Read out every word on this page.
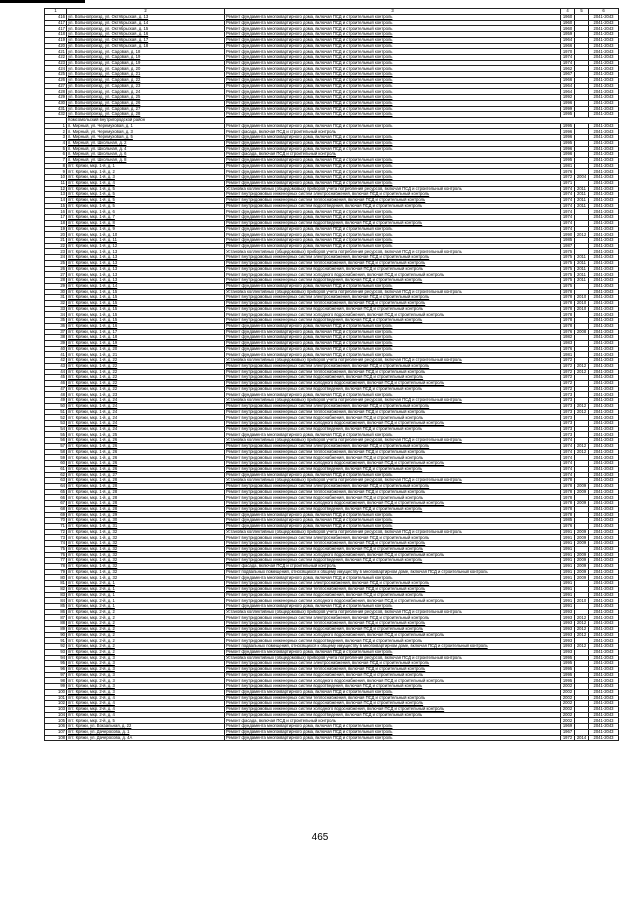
1	2	3	4	5	6
416	ул. Вольнопроезд, ул. Октябрьская, д. 13	Ремонт фундамента многоквартирного дома, включая ПСД и строительный контроль	1960		2041-2043
417	ул. Вольнопроезд, ул. Октябрьская, д. 14	Ремонт фундамента многоквартирного дома, включая ПСД и строительный контроль	1960		2041-2043
417	ул. Вольнопроезд, ул. Октябрьская, д. 15	Ремонт фундамента многоквартирного дома, включая ПСД и строительный контроль	1960		2041-2043
418	ул. Вольнопроезд, ул. Октябрьская, д. 16	Ремонт фундамента многоквартирного дома, включая ПСД и строительный контроль	1959		2041-2043
419	ул. Вольнопроезд, ул. Октябрьская, д. 17	Ремонт фундамента многоквартирного дома, включая ПСД и строительный контроль	1964		2041-2043
420	ул. Вольнопроезд, ул. Октябрьская, д. 18	Ремонт фундамента многоквартирного дома, включая ПСД и строительный контроль	1966		2041-2043
421	ул. Вольнопроезд, ул. Садовая, д. 18	Ремонт фундамента многоквартирного дома, включая ПСД и строительный контроль	1970		2041-2043
422	ул. Вольнопроезд, ул. Садовая, д. 19	Ремонт фундамента многоквартирного дома, включая ПСД и строительный контроль	1974		2041-2043
423	ул. Вольнопроезд, ул. Садовая, д. 19	Ремонт фундамента многоквартирного дома, включая ПСД и строительный контроль	1974		2041-2043
424	ул. Вольнопроезд, ул. Садовая, д. 20	Ремонт фундамента многоквартирного дома, включая ПСД и строительный контроль	1962		2041-2043
425	ул. Вольнопроезд, ул. Садовая, д. 21	Ремонт фундамента многоквартирного дома, включая ПСД и строительный контроль	1967		2041-2043
426	ул. Вольнопроезд, ул. Садовая, д. 22	Ремонт фундамента многоквартирного дома, включая ПСД и строительный контроль	1966		2041-2043
427	ул. Вольнопроезд, ул. Садовая, д. 23	Ремонт фундамента многоквартирного дома, включая ПСД и строительный контроль	1964		2041-2043
428	ул. Вольнопроезд, ул. Садовая, д. 24	Ремонт фундамента многоквартирного дома, включая ПСД и строительный контроль	1964		2041-2043
429	ул. Вольнопроезд, ул. Садовая, д. 25	Ремонт фундамента многоквартирного дома, включая ПСД и строительный контроль	1992		2041-2043
430	ул. Вольнопроезд, ул. Садовая, д. 26	Ремонт фундамента многоквартирного дома, включая ПСД и строительный контроль	1996		2041-2043
431	ул. Вольнопроезд, ул. Садовая, д. 27	Ремонт фундамента многоквартирного дома, включая ПСД и строительный контроль	1999		2041-2043
432	ул. Вольнопроезд, ул. Садовая, д. 28	Ремонт фундамента многоквартирного дома, включая ПСД и строительный контроль	1995		2041-2043
	Комсомольский внутригородской район				
1	п. Мирный, ул. Черемуховая, д. 1	Ремонт фундамента многоквартирного дома, включая ПСД и строительный контроль	1995		2041-2043
2	п. Мирный, ул. Черемуховая, д. 3	Ремонт фасада, включая ПСД и строительный контроль	1996		2041-2043
3	п. Мирный, ул. Черемуховая, д. 5	Ремонт фундамента многоквартирного дома, включая ПСД и строительный контроль	1996		2041-2043
4	п. Мирный, ул. Школьная, д. 2	Ремонт фундамента многоквартирного дома, включая ПСД и строительный контроль	1995		2041-2043
5	п. Мирный, ул. Школьная, д. 4	Ремонт фундамента многоквартирного дома, включая ПСД и строительный контроль	1996		2041-2043
6	п. Мирный, ул. Школьная, д. 6	Ремонт фасада, включая ПСД и строительный контроль	1996		2041-2043
7	п. Мирный, ул. Школьная, д. 8	Ремонт фундамента многоквартирного дома, включая ПСД и строительный контроль	1995		2041-2043
8	пгт. Кряжи, мкр. 1-й, д. 1	Ремонт фундамента многоквартирного дома, включая ПСД и строительный контроль	1981		2041-2043
9	пгт. Кряжи, мкр. 1-й, д. 2	Ремонт фундамента многоквартирного дома, включая ПСД и строительный контроль	1976		2041-2043
10	пгт. Кряжи, мкр. 1-й, д. 3	Ремонт фундамента многоквартирного дома, включая ПСД и строительный контроль	1972	2004	2041-2043
11	пгт. Кряжи, мкр. 1-й, д. 4	Ремонт фундамента многоквартирного дома, включая ПСД и строительный контроль	1971		2041-2043
12	пгт. Кряжи, мкр. 1-й, д. 5	Установка коллективных (общедомовых) приборов учета потребления ресурсов, включая ПСД и строительный контроль	1974	2011	2041-2043
13	пгт. Кряжи, мкр. 1-й, д. 5	Ремонт внутридомовых инженерных систем электроснабжения, включая ПСД и строительный контроль	1974	2011	2041-2043
14	пгт. Кряжи, мкр. 1-й, д. 5	Ремонт внутридомовых инженерных систем теплоснабжения, включая ПСД и строительный контроль	1974	2011	2041-2043
15	пгт. Кряжи, мкр. 1-й, д. 5	Ремонт внутридомовых инженерных систем водоотведения, включая ПСД и строительный контроль	1974	2011	2041-2043
16	пгт. Кряжи, мкр. 1-й, д. 6	Ремонт фундамента многоквартирного дома, включая ПСД и строительный контроль	1974		2041-2043
17	пгт. Кряжи, мкр. 1-й, д. 7	Ремонт фундамента многоквартирного дома, включая ПСД и строительный контроль	1974		2041-2043
18	пгт. Кряжи, мкр. 1-й, д. 8	Ремонт внутридомовых инженерных систем водоотведения, включая ПСД и строительный контроль	1974		2041-2043
19	пгт. Кряжи, мкр. 1-й, д. 9	Ремонт фундамента многоквартирного дома, включая ПСД и строительный контроль	1974		2041-2043
20	пгт. Кряжи, мкр. 1-й, д. 10	Ремонт фундамента многоквартирного дома, включая ПСД и строительный контроль	1990	2012	2041-2043
21	пгт. Кряжи, мкр. 1-й, д. 11	Ремонт фундамента многоквартирного дома, включая ПСД и строительный контроль	1985		2041-2043
22	пгт. Кряжи, мкр. 1-й, д. 12	Ремонт фундамента многоквартирного дома, включая ПСД и строительный контроль	1987		2041-2043
23	пгт. Кряжи, мкр. 1-й, д. 13	Установка коллективных (общедомовых) приборов учета потребления ресурсов, включая ПСД и строительный контроль	1975		2041-2043
24	пгт. Кряжи, мкр. 1-й, д. 13	Ремонт внутридомовых инженерных систем электроснабжения, включая ПСД и строительный контроль	1975	2011	2041-2043
25	пгт. Кряжи, мкр. 1-й, д. 13	Ремонт внутридомовых инженерных систем теплоснабжения, включая ПСД и строительный контроль	1975	2011	2041-2043
26	пгт. Кряжи, мкр. 1-й, д. 13	Ремонт внутридомовых инженерных систем водоснабжения, включая ПСД и строительный контроль	1975	2011	2041-2043
27	пгт. Кряжи, мкр. 1-й, д. 13	Ремонт внутридомовых инженерных систем холодного водоснабжения, включая ПСД и строительный контроль	1975	2011	2041-2043
28	пгт. Кряжи, мкр. 1-й, д. 13	Ремонт внутридомовых инженерных систем водоотведения, включая ПСД и строительный контроль	1975	2011	2041-2043
29	пгт. Кряжи, мкр. 1-й, д. 14	Ремонт фундамента многоквартирного дома, включая ПСД и строительный контроль	1975		2041-2043
30	пгт. Кряжи, мкр. 1-й, д. 15	Установка коллективных (общедомовых) приборов учета потребления ресурсов, включая ПСД и строительный контроль	1978		2041-2043
31	пгт. Кряжи, мкр. 1-й, д. 15	Ремонт внутридомовых инженерных систем электроснабжения, включая ПСД и строительный контроль	1978	2010	2041-2043
32	пгт. Кряжи, мкр. 1-й, д. 15	Ремонт внутридомовых инженерных систем теплоснабжения, включая ПСД и строительный контроль	1978	2010	2041-2043
33	пгт. Кряжи, мкр. 1-й, д. 15	Ремонт внутридомовых инженерных систем водоснабжения, включая ПСД и строительный контроль	1978	2010	2041-2043
34	пгт. Кряжи, мкр. 1-й, д. 15	Ремонт внутридомовых инженерных систем холодного водоснабжения, включая ПСД и строительный контроль	1978		2041-2043
35	пгт. Кряжи, мкр. 1-й, д. 15	Ремонт внутридомовых инженерных систем водоотведения, включая ПСД и строительный контроль	1978		2041-2043
36	пгт. Кряжи, мкр. 1-й, д. 16	Ремонт фундамента многоквартирного дома, включая ПСД и строительный контроль	1978		2041-2043
37	пгт. Кряжи, мкр. 1-й, д. 17	Ремонт фундамента многоквартирного дома, включая ПСД и строительный контроль	1976	2008	2041-2043
38	пгт. Кряжи, мкр. 1-й, д. 18	Ремонт фундамента многоквартирного дома, включая ПСД и строительный контроль	1982		2041-2043
39	пгт. Кряжи, мкр. 1-й, д. 19	Ремонт фундамента многоквартирного дома, включая ПСД и строительный контроль	1983		2041-2043
40	пгт. Кряжи, мкр. 1-й, д. 20	Ремонт фундамента многоквартирного дома, включая ПСД и строительный контроль	1976		2041-2043
41	пгт. Кряжи, мкр. 1-й, д. 21	Ремонт фундамента многоквартирного дома, включая ПСД и строительный контроль	1981		2041-2043
42	пгт. Кряжи, мкр. 1-й, д. 22	Установка коллективных (общедомовых) приборов учета потребления ресурсов, включая ПСД и строительный контроль	1972		2041-2043
43	пгт. Кряжи, мкр. 1-й, д. 22	Ремонт внутридомовых инженерных систем электроснабжения, включая ПСД и строительный контроль	1972	2012	2041-2043
44	пгт. Кряжи, мкр. 1-й, д. 22	Ремонт внутридомовых инженерных систем теплоснабжения, включая ПСД и строительный контроль	1972	2012	2041-2043
45	пгт. Кряжи, мкр. 1-й, д. 22	Ремонт внутридомовых инженерных систем водоснабжения, включая ПСД и строительный контроль	1972		2041-2043
46	пгт. Кряжи, мкр. 1-й, д. 22	Ремонт внутридомовых инженерных систем холодного водоснабжения, включая ПСД и строительный контроль	1972		2041-2043
47	пгт. Кряжи, мкр. 1-й, д. 22	Ремонт внутридомовых инженерных систем водоотведения, включая ПСД и строительный контроль	1972		2041-2043
48	пгт. Кряжи, мкр. 1-й, д. 23	Ремонт фундамента многоквартирного дома, включая ПСД и строительный контроль	1973		2041-2043
49	пгт. Кряжи, мкр. 1-й, д. 24	Установка коллективных (общедомовых) приборов учета потребления ресурсов, включая ПСД и строительный контроль	1973		2041-2043
50	пгт. Кряжи, мкр. 1-й, д. 24	Ремонт внутридомовых инженерных систем электроснабжения, включая ПСД и строительный контроль	1973	2012	2041-2043
51	пгт. Кряжи, мкр. 1-й, д. 24	Ремонт внутридомовых инженерных систем теплоснабжения, включая ПСД и строительный контроль	1973	2012	2041-2043
52	пгт. Кряжи, мкр. 1-й, д. 24	Ремонт внутридомовых инженерных систем водоснабжения, включая ПСД и строительный контроль	1973		2041-2043
53	пгт. Кряжи, мкр. 1-й, д. 24	Ремонт внутридомовых инженерных систем холодного водоснабжения, включая ПСД и строительный контроль	1973		2041-2043
54	пгт. Кряжи, мкр. 1-й, д. 24	Ремонт внутридомовых инженерных систем водоотведения, включая ПСД и строительный контроль	1973		2041-2043
55	пгт. Кряжи, мкр. 1-й, д. 25	Ремонт фундамента многоквартирного дома, включая ПСД и строительный контроль	1973		2041-2043
56	пгт. Кряжи, мкр. 1-й, д. 26	Установка коллективных (общедомовых) приборов учета потребления ресурсов, включая ПСД и строительный контроль	1974		2041-2043
57	пгт. Кряжи, мкр. 1-й, д. 26	Ремонт внутридомовых инженерных систем электроснабжения, включая ПСД и строительный контроль	1974	2012	2041-2043
58	пгт. Кряжи, мкр. 1-й, д. 26	Ремонт внутридомовых инженерных систем теплоснабжения, включая ПСД и строительный контроль	1974	2012	2041-2043
59	пгт. Кряжи, мкр. 1-й, д. 26	Ремонт внутридомовых инженерных систем водоснабжения, включая ПСД и строительный контроль	1974		2041-2043
60	пгт. Кряжи, мкр. 1-й, д. 26	Ремонт внутридомовых инженерных систем холодного водоснабжения, включая ПСД и строительный контроль	1974		2041-2043
61	пгт. Кряжи, мкр. 1-й, д. 26	Ремонт внутридомовых инженерных систем водоотведения, включая ПСД и строительный контроль	1974		2041-2043
62	пгт. Кряжи, мкр. 1-й, д. 27	Ремонт фундамента многоквартирного дома, включая ПСД и строительный контроль	1974		2041-2043
63	пгт. Кряжи, мкр. 1-й, д. 28	Установка коллективных (общедомовых) приборов учета потребления ресурсов, включая ПСД и строительный контроль	1978		2041-2043
64	пгт. Кряжи, мкр. 1-й, д. 28	Ремонт внутридомовых инженерных систем электроснабжения, включая ПСД и строительный контроль	1978	2009	2041-2043
65	пгт. Кряжи, мкр. 1-й, д. 28	Ремонт внутридомовых инженерных систем теплоснабжения, включая ПСД и строительный контроль	1978	2009	2041-2043
66	пгт. Кряжи, мкр. 1-й, д. 28	Ремонт внутридомовых инженерных систем водоснабжения, включая ПСД и строительный контроль	1978		2041-2043
67	пгт. Кряжи, мкр. 1-й, д. 28	Ремонт внутридомовых инженерных систем холодного водоснабжения, включая ПСД и строительный контроль	1978	2009	2041-2043
68	пгт. Кряжи, мкр. 1-й, д. 28	Ремонт внутридомовых инженерных систем водоотведения, включая ПСД и строительный контроль	1978		2041-2043
69	пгт. Кряжи, мкр. 1-й, д. 29	Ремонт фундамента многоквартирного дома, включая ПСД и строительный контроль	1978		2041-2043
70	пгт. Кряжи, мкр. 1-й, д. 30	Ремонт фундамента многоквартирного дома, включая ПСД и строительный контроль	1985		2041-2043
71	пгт. Кряжи, мкр. 1-й, д. 31	Ремонт фундамента многоквартирного дома, включая ПСД и строительный контроль	1976		2041-2043
72	пгт. Кряжи, мкр. 1-й, д. 32	Установка коллективных (общедомовых) приборов учета потребления ресурсов, включая ПСД и строительный контроль	1991	2009	2041-2043
73	пгт. Кряжи, мкр. 1-й, д. 32	Ремонт внутридомовых инженерных систем электроснабжения, включая ПСД и строительный контроль	1991	2009	2041-2043
74	пгт. Кряжи, мкр. 1-й, д. 32	Ремонт внутридомовых инженерных систем теплоснабжения, включая ПСД и строительный контроль	1991	2009	2041-2043
75	пгт. Кряжи, мкр. 1-й, д. 32	Ремонт внутридомовых инженерных систем водоснабжения, включая ПСД и строительный контроль	1991		2041-2043
76	пгт. Кряжи, мкр. 1-й, д. 32	Ремонт внутридомовых инженерных систем холодного водоснабжения, включая ПСД и строительный контроль	1991	2009	2041-2043
77	пгт. Кряжи, мкр. 1-й, д. 32	Ремонт внутридомовых инженерных систем водоотведения, включая ПСД и строительный контроль	1991	2009	2041-2043
78	пгт. Кряжи, мкр. 1-й, д. 32	Ремонт фасада, включая ПСД и строительный контроль	1991	2009	2041-2043
79	пгт. Кряжи, мкр. 1-й, д. 32	Ремонт подвальных помещений, относящихся к общему имуществу в многоквартирном доме, включая ПСД и строительный контроль	1991	2009	2041-2043
80	пгт. Кряжи, мкр. 1-й, д. 32	Ремонт фундамента многоквартирного дома, включая ПСД и строительный контроль	1991	2009	2041-2043
81	пгт. Кряжи, мкр. 2-й, д. 1	Ремонт внутридомовых инженерных систем электроснабжения, включая ПСД и строительный контроль	1991		2041-2043
82	пгт. Кряжи, мкр. 2-й, д. 1	Ремонт внутридомовых инженерных систем теплоснабжения, включая ПСД и строительный контроль	1991		2041-2043
83	пгт. Кряжи, мкр. 2-й, д. 1	Ремонт внутридомовых инженерных систем водоснабжения, включая ПСД и строительный контроль	1991		2041-2043
84	пгт. Кряжи, мкр. 2-й, д. 1	Ремонт внутридомовых инженерных систем холодного водоснабжения, включая ПСД и строительный контроль	1991	2010	2041-2043
85	пгт. Кряжи, мкр. 2-й, д. 1	Ремонт фундамента многоквартирного дома, включая ПСД и строительный контроль	1991		2041-2043
86	пгт. Кряжи, мкр. 2-й, д. 2	Установка коллективных (общедомовых) приборов учета потребления ресурсов, включая ПСД и строительный контроль	1993		2041-2043
87	пгт. Кряжи, мкр. 2-й, д. 2	Ремонт внутридомовых инженерных систем электроснабжения, включая ПСД и строительный контроль	1993	2012	2041-2043
88	пгт. Кряжи, мкр. 2-й, д. 2	Ремонт внутридомовых инженерных систем теплоснабжения, включая ПСД и строительный контроль	1993	2012	2041-2043
89	пгт. Кряжи, мкр. 2-й, д. 2	Ремонт внутридомовых инженерных систем водоснабжения, включая ПСД и строительный контроль	1993	2012	2041-2043
90	пгт. Кряжи, мкр. 2-й, д. 2	Ремонт внутридомовых инженерных систем холодного водоснабжения, включая ПСД и строительный контроль	1993	2012	2041-2043
91	пгт. Кряжи, мкр. 2-й, д. 2	Ремонт внутридомовых инженерных систем водоотведения, включая ПСД и строительный контроль	1993		2041-2043
92	пгт. Кряжи, мкр. 2-й, д. 2	Ремонт подвальных помещений, относящихся к общему имуществу в многоквартирном доме, включая ПСД и строительный контроль	1993	2012	2041-2043
93	пгт. Кряжи, мкр. 2-й, д. 2	Ремонт фундамента многоквартирного дома, включая ПСД и строительный контроль	1993		2041-2043
94	пгт. Кряжи, мкр. 2-й, д. 3	Установка коллективных (общедомовых) приборов учета потребления ресурсов, включая ПСД и строительный контроль	1995		2041-2043
95	пгт. Кряжи, мкр. 2-й, д. 3	Ремонт внутридомовых инженерных систем электроснабжения, включая ПСД и строительный контроль	1995		2041-2043
96	пгт. Кряжи, мкр. 2-й, д. 3	Ремонт внутридомовых инженерных систем теплоснабжения, включая ПСД и строительный контроль	1995		2041-2043
97	пгт. Кряжи, мкр. 2-й, д. 3	Ремонт внутридомовых инженерных систем водоснабжения, включая ПСД и строительный контроль	1995		2041-2043
98	пгт. Кряжи, мкр. 2-й, д. 3	Ремонт внутридомовых инженерных систем холодного водоснабжения, включая ПСД и строительный контроль	1995		2041-2043
99	пгт. Кряжи, мкр. 2-й, д. 3	Ремонт внутридомовых инженерных систем водоотведения, включая ПСД и строительный контроль	2002		2041-2043
100	пгт. Кряжи, мкр. 2-й, д. 3	Ремонт фундамента многоквартирного дома, включая ПСД и строительный контроль	2002		2041-2043
101	пгт. Кряжи, мкр. 2-й, д. 4	Ремонт внутридомовых инженерных систем теплоснабжения, включая ПСД и строительный контроль	2002		2041-2043
102	пгт. Кряжи, мкр. 2-й, д. 4	Ремонт внутридомовых инженерных систем водоснабжения, включая ПСД и строительный контроль	2002		2041-2043
103	пгт. Кряжи, мкр. 2-й, д. 4	Ремонт внутридомовых инженерных систем холодного водоснабжения, включая ПСД и строительный контроль	2002		2041-2043
104	пгт. Кряжи, мкр. 2-й, д. 4	Ремонт внутридомовых инженерных систем водоотведения, включая ПСД и строительный контроль	2002		2041-2043
105	пгт. Кряжи, мкр. 2-й, д. 5	Ремонт фасада, включая ПСД и строительный контроль	2002		2041-2043
106	пгт. Кряжи, ул. Вокзальная, д. 22	Ремонт фундамента многоквартирного дома, включая ПСД и строительный контроль	1969		2041-2043
107	пгт. Кряжи, ул. Дачеросова, д. 1	Ремонт фундамента многоквартирного дома, включая ПСД и строительный контроль	1967		2041-2043
108	пгт. Кряжи, ул. Дачеросова, д. 4А	Ремонт фундамента многоквартирного дома, включая ПСД и строительный контроль	1972	2014	2041-2043
465
